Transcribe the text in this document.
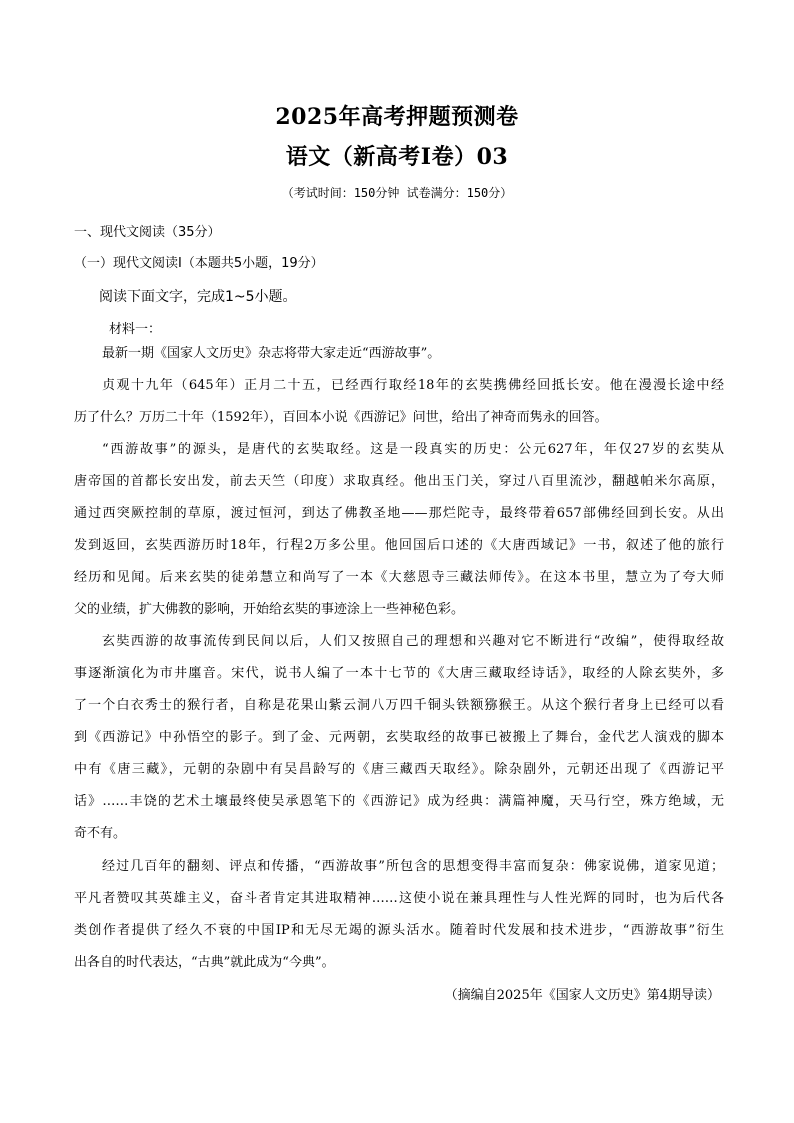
2025年高考押题预测卷
语文（新高考Ⅰ卷）03
（考试时间：150分钟 试卷满分：150分）
一、现代文阅读（35分）
（一）现代文阅读Ⅰ（本题共5小题，19分）
阅读下面文字，完成1~5小题。
材料一：
最新一期《国家人文历史》杂志将带大家走近“西游故事”。
贞观十九年（645年）正月二十五，已经西行取经18年的玄奘携佛经回抵长安。他在漫漫长途中经
历了什么？万历二十年（1592年），百回本小说《西游记》问世，给出了神奇而隽永的回答。
“西游故事”的源头，是唐代的玄奘取经。这是一段真实的历史：公元627年，年仅27岁的玄奘从
唐帝国的首都长安出发，前去天竺（印度）求取真经。他出玉门关，穿过八百里流沙，翻越帕米尔高原，
通过西突厥控制的草原，渡过恒河，到达了佛教圣地——那烂陀寺，最终带着657部佛经回到长安。从出
发到返回，玄奘西游历时18年，行程2万多公里。他回国后口述的《大唐西域记》一书，叙述了他的旅行
经历和见闻。后来玄奘的徒弟慧立和尚写了一本《大慈恩寺三藏法师传》。在这本书里，慧立为了夸大师
父的业绩，扩大佛教的影响，开始给玄奘的事迹涂上一些神秘色彩。
玄奘西游的故事流传到民间以后，人们又按照自己的理想和兴趣对它不断进行“改编”，使得取经故
事逐渐演化为市井廛音。宋代，说书人编了一本十七节的《大唐三藏取经诗话》，取经的人除玄奘外，多
了一个白衣秀士的猴行者，自称是花果山紫云洞八万四千铜头铁额猕猴王。从这个猴行者身上已经可以看
到《西游记》中孙悟空的影子。到了金、元两朝，玄奘取经的故事已被搬上了舞台，金代艺人演戏的脚本
中有《唐三藏》，元朝的杂剧中有吴昌龄写的《唐三藏西天取经》。除杂剧外，元朝还出现了《西游记平
话》……丰饶的艺术土壤最终使吴承恩笔下的《西游记》成为经典：满篇神魔，天马行空，殊方绝域，无
奇不有。
经过几百年的翻刻、评点和传播，“西游故事”所包含的思想变得丰富而复杂：佛家说佛，道家见道；
平凡者赞叹其英雄主义，奋斗者肯定其进取精神……这使小说在兼具理性与人性光辉的同时，也为后代各
类创作者提供了经久不衰的中国IP和无尽无竭的源头活水。随着时代发展和技术进步，“西游故事”衍生
出各自的时代表达，“古典”就此成为“今典”。
（摘编自2025年《国家人文历史》第4期导读）
